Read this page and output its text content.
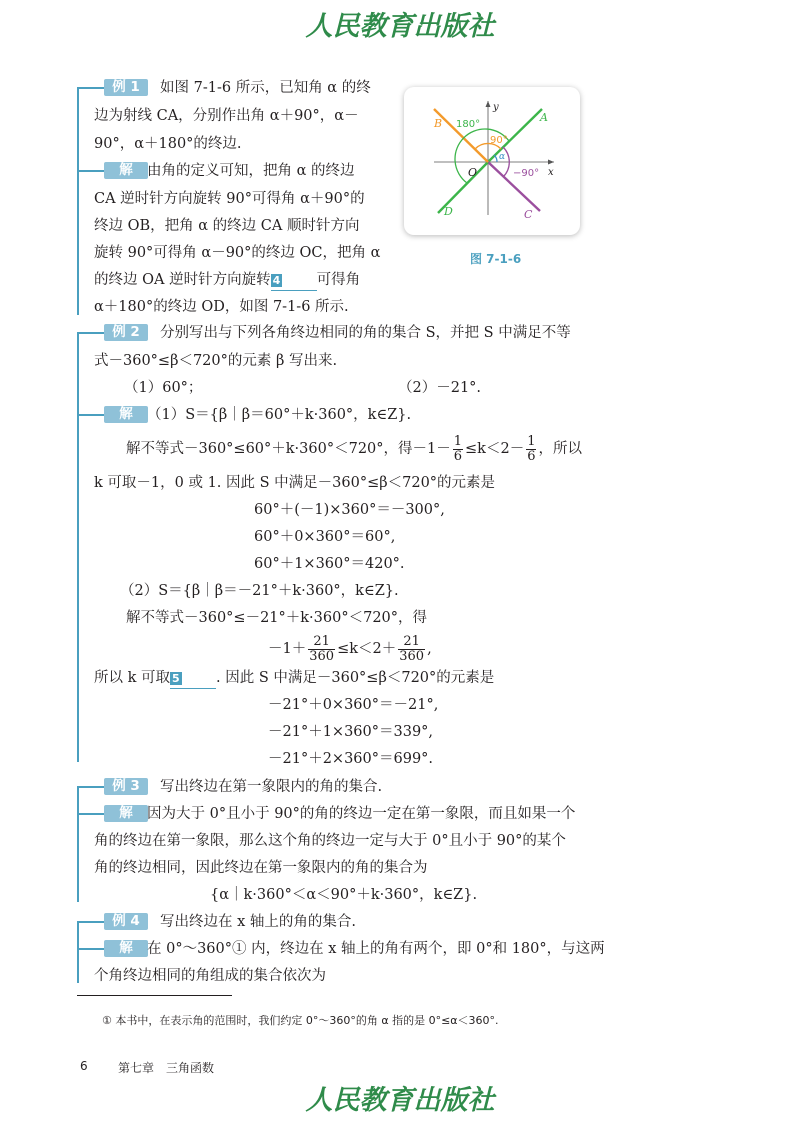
人民教育出版社
例 1	如图 7-1-6 所示，已知角 α 的终
边为射线 CA，分别作出角 α＋90°，α－
90°，α＋180°的终边.
解 由角的定义可知，把角 α 的终边
CA 逆时针方向旋转 90°可得角 α＋90°的
终边 OB，把角 α 的终边 CA 顺时针方向
旋转 90°可得角 α－90°的终边 OC，把角 α
的终边 OA 逆时针方向旋转 4	可得角
α＋180°的终边 OD，如图 7-1-6 所示.
A
B
C
D
O	x
y
180°
90°
α
−90°
图 7-1-6
例 2	分别写出与下列各角终边相同的角的集合 S，并把 S 中满足不等
式－360°≤β＜720°的元素 β 写出来.
（1）60°；	（2）－21°.
解 （1）S＝{β｜β＝60°＋k·360°，k∈Z}.
解不等式－360°≤60°＋k·360°＜720°，得$-1- \frac{1}{6} \le k<2- \frac{1}{6}$ ，所以
k 可取－1，0 或 1. 因此 S 中满足－360°≤β＜720°的元素是
60°＋(－1)×360°＝－300°,
60°＋0×360°＝60°,
60°＋1×360°＝420°.
（2）S＝{β｜β＝－21°＋k·360°，k∈Z}.
解不等式－360°≤－21°＋k·360°＜720°，得
$-1+ \frac{21}{360} \le k<2+ \frac{21}{360}$ ,
所以 k 可取 5	. 因此 S 中满足－360°≤β＜720°的元素是
－21°＋0×360°＝－21°,
－21°＋1×360°＝339°,
－21°＋2×360°＝699°.
例 3	写出终边在第一象限内的角的集合.
解 因为大于 0°且小于 90°的角的终边一定在第一象限，而且如果一个
角的终边在第一象限，那么这个角的终边一定与大于 0°且小于 90°的某个
角的终边相同，因此终边在第一象限内的角的集合为
{α｜k·360°＜α＜90°＋k·360°，k∈Z}.
例 4	写出终边在 x 轴上的角的集合.
解 在 0°～360°① 内，终边在 x 轴上的角有两个，即 0°和 180°，与这两
个角终边相同的角组成的集合依次为
① 本书中，在表示角的范围时，我们约定 0°～360°的角 α 指的是 0°≤α＜360°.
6	第七章　三角函数
人民教育出版社
